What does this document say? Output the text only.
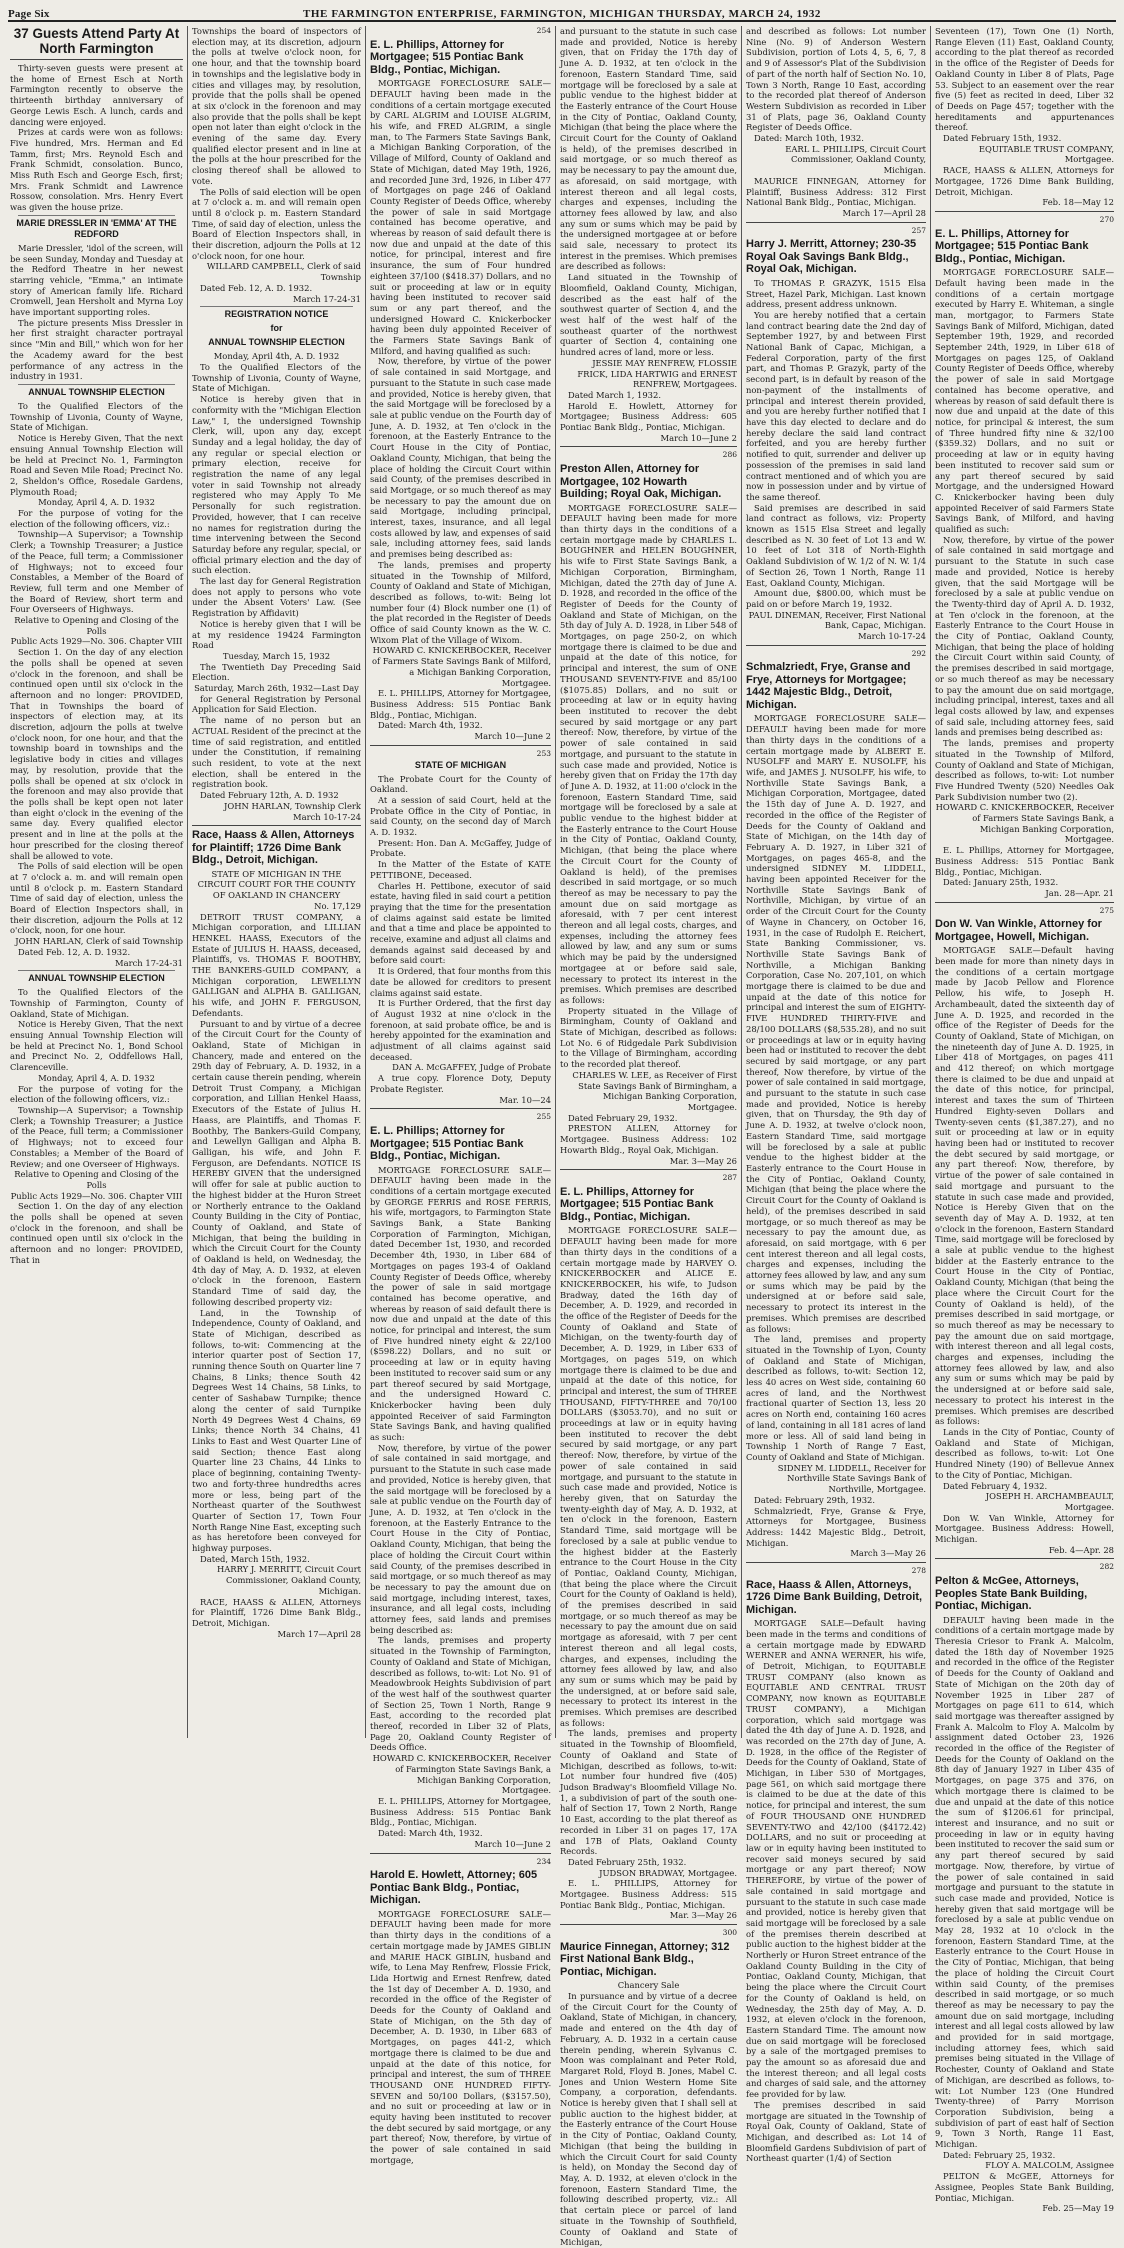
Page Six	THE FARMINGTON ENTERPRISE, FARMINGTON, MICHIGAN THURSDAY, MARCH 24, 1932
37 Guests Attend Party At North Farmington

Thirty-seven guests were present at the home of Ernest Esch at North Farmington recently to observe the thirteenth birthday anniversary of George Lewis Esch. A lunch, cards and dancing were enjoyed.

Prizes at cards were won as follows: Five hundred, Mrs. Herman and Ed Tamm, first; Mrs. Reynold Esch and Frank Schmidt, consolation. Bunco, Miss Ruth Esch and George Esch, first; Mrs. Frank Schmidt and Lawrence Rossow, consolation. Mrs. Henry Evert was given the house prize.

MARIE DRESSLER IN 'EMMA' AT THE REDFORD

Marie Dressler, 'idol of the screen, will be seen Sunday, Monday and Tuesday at the Redford Theatre in her newest starring vehicle, "Emma," an intimate story of American family life. Richard Cromwell, Jean Hersholt and Myrna Loy have important supporting roles.

The picture presents Miss Dressler in her first straight character portrayal since "Min and Bill," which won for her the Academy award for the best performance of any actress in the industry in 1931.

ANNUAL TOWNSHIP ELECTION

To the Qualified Electors of the Township of Livonia, County of Wayne, State of Michigan.

Notice is Hereby Given, That the next ensuing Annual Township Election will be held at Precinct No. 1, Farmington Road and Seven Mile Road; Precinct No. 2, Sheldon's Office, Rosedale Gardens, Plymouth Road;

Monday, April 4, A. D. 1932

For the purpose of voting for the election of the following officers, viz.:

Township—A Supervisor; a Township Clerk; a Township Treasurer; a Justice of the Peace, full term; a Commissioner of Highways; not to exceed four Constables, a Member of the Board of Review, full term and one Member of the Board of Review, short term and Four Overseers of Highways.

Relative to Opening and Closing of the Polls

Public Acts 1929—No. 306. Chapter VIII

Section 1. On the day of any election the polls shall be opened at seven o'clock in the forenoon, and shall be continued open until six o'clock in the afternoon and no longer: PROVIDED, That in Townships the board of inspectors of election may, at its discretion, adjourn the polls at twelve o'clock noon, for one hour, and that the township board in townships and the legislative body in cities and villages may, by resolution, provide that the polls shall be opened at six o'clock in the forenoon and may also provide that the polls shall be kept open not later than eight o'clock in the evening of the same day. Every qualified elector present and in line at the polls at the hour prescribed for the closing thereof shall be allowed to vote.

The Polls of said election will be open at 7 o'clock a. m. and will remain open until 8 o'clock p. m. Eastern Standard Time of said day of election, unless the Board of Election Inspectors shall, in their discretion, adjourn the Polls at 12 o'clock, noon, for one hour.

JOHN HARLAN, Clerk of said Township

Dated Feb. 12, A. D. 1932.

March 17-24-31

ANNUAL TOWNSHIP ELECTION

To the Qualified Electors of the Township of Farmington, County of Oakland, State of Michigan.

Notice is Hereby Given, That the next ensuing Annual Township Election will be held at Precinct No. 1, Bond School and Precinct No. 2, Oddfellows Hall, Clarenceville.

Monday, April 4, A. D. 1932

For the purpose of voting for the election of the following officers, viz.:

Township—A Supervisor; a Township Clerk; a Township Treasurer; a Justice of the Peace, full term; a Commissioner of Highways; not to exceed four Constables; a Member of the Board of Review; and one Overseer of Highways.

Relative to Opening and Closing of the Polls

Public Acts 1929—No. 306. Chapter VIII

Section 1. On the day of any election the polls shall be opened at seven o'clock in the forenoon, and shall be continued open until six o'clock in the afternoon and no longer: PROVIDED, That in

Townships the board of inspectors of election may, at its discretion, adjourn the polls at twelve o'clock noon, for one hour, and that the township board in townships and the legislative body in cities and villages may, by resolution, provide that the polls shall be opened at six o'clock in the forenoon and may also provide that the polls shall be kept open not later than eight o'clock in the evening of the same day. Every qualified elector present and in line at the polls at the hour prescribed for the closing thereof shall be allowed to vote.

The Polls of said election will be open at 7 o'clock a. m. and will remain open until 8 o'clock p. m. Eastern Standard Time, of said day of election, unless the Board of Election Inspectors shall, in their discretion, adjourn the Polls at 12 o'clock noon, for one hour.

WILLARD CAMPBELL, Clerk of said Township

Dated Feb. 12, A. D. 1932.

March 17-24-31

REGISTRATION NOTICE
for
ANNUAL TOWNSHIP ELECTION

Monday, April 4th, A. D. 1932

To the Qualified Electors of the Township of Livonia, County of Wayne, State of Michigan.

Notice is hereby given that in conformity with the "Michigan Election Law," I, the undersigned Township Clerk, will, upon any day, except Sunday and a legal holiday, the day of any regular or special election or primary election, receive for registration the name of any legal voter in said Township not already registered who may Apply To Me Personally for such registration. Provided, however, that I can receive no names for registration during the time intervening between the Second Saturday before any regular, special, or official primary election and the day of such election.

The last day for General Registration does not apply to persons who vote under the Absent Voters' Law. (See Registration by Affidavit)

Notice is hereby given that I will be at my residence 19424 Farmington Road

Tuesday, March 15, 1932

The Twentieth Day Preceding Said Election.

Saturday, March 26th, 1932—Last Day

for General Registration by Personal Application for Said Election.

The name of no person but an ACTUAL Resident of the precinct at the time of said registration, and entitled under the Constitution, if remaining such resident, to vote at the next election, shall be entered in the registration book.

Dated February 12th, A. D. 1932

JOHN HARLAN, Township Clerk

March 10-17-24

Race, Haass & Allen, Attorneys for Plaintiff; 1726 Dime Bank Bldg., Detroit, Michigan.

STATE OF MICHIGAN IN THE CIRCUIT COURT FOR THE COUNTY OF OAKLAND IN CHANCERY

No. 17,129

DETROIT TRUST COMPANY, a Michigan corporation, and LILLIAN HENKEL HAASS, Executors of the Estate of JULIUS H. HAASS, deceased, Plaintiffs, vs. THOMAS F. BOOTHBY, THE BANKERS-GUILD COMPANY, a Michigan corporation, LEWELLYN GALLIGAN and ALPHA B. GALLIGAN, his wife, and JOHN F. FERGUSON, Defendants.

Pursuant to and by virtue of a decree of the Circuit Court for the County of Oakland, State of Michigan in Chancery, made and entered on the 29th day of February, A. D. 1932, in a certain cause therein pending, wherein Detroit Trust Company, a Michigan corporation, and Lillian Henkel Haass, Executors of the Estate of Julius H. Haass, are Plaintiffs, and Thomas F. Boothby, The Bankers-Guild Company, and Lewellyn Galligan and Alpha B. Galligan, his wife, and John F. Ferguson, are Defendants. NOTICE IS HEREBY GIVEN that the undersigned will offer for sale at public auction to the highest bidder at the Huron Street or Northerly entrance to the Oakland County Building in the City of Pontiac, County of Oakland, and State of Michigan, that being the building in which the Circuit Court for the County of Oakland is held, on Wednesday, the 4th day of May, A. D. 1932, at eleven o'clock in the forenoon, Eastern Standard Time of said day, the following described property viz:

Land, in the Township of Independence, County of Oakland, and State of Michigan, described as follows, to-wit: Commencing at the interior quarter post of Section 17, running thence South on Quarter line 7 Chains, 8 Links; thence South 42 Degrees West 14 Chains, 58 Links, to center of Sashabaw Turnpike; thence along the center of said Turnpike North 49 Degrees West 4 Chains, 69 Links; thence North 34 Chains, 41 Links to East and West Quarter Line of said Section; thence East along Quarter line 23 Chains, 44 Links to place of beginning, containing Twenty-two and forty-three hundredths acres more or less, being part of the Northeast quarter of the Southwest Quarter of Section 17, Town Four North Range Nine East, excepting such as has heretofore been conveyed for highway purposes.

Dated, March 15th, 1932.

HARRY J. MERRITT, Circuit Court Commissioner, Oakland County, Michigan.

RACE, HAASS & ALLEN, Attorneys for Plaintiff, 1726 Dime Bank Bldg., Detroit, Michigan.

March 17—April 28

254

E. L. Phillips, Attorney for Mortgagee; 515 Pontiac Bank Bldg., Pontiac, Michigan.

MORTGAGE FORECLOSURE SALE—DEFAULT having been made in the conditions of a certain mortgage executed by CARL ALGRIM and LOUISE ALGRIM, his wife, and FRED ALGRIM, a single man, to The Farmers State Savings Bank, a Michigan Banking Corporation, of the Village of Milford, County of Oakland and State of Michigan, dated May 19th, 1926, and recorded June 3rd, 1926, in Liber 477 of Mortgages on page 246 of Oakland County Register of Deeds Office, whereby the power of sale in said Mortgage contained has become operative, and whereas by reason of said default there is now due and unpaid at the date of this notice, for principal, interest and fire insurance, the sum of Four hundred eighteen 37/100 ($418.37) Dollars, and no suit or proceeding at law or in equity having been instituted to recover said sum or any part thereof, and the undersigned Howard C. Knickerbocker having been duly appointed Receiver of the Farmers State Savings Bank of Milford, and having qualified as such:

Now, therefore, by virtue of the power of sale contained in said Mortgage, and pursuant to the Statute in such case made and provided, Notice is hereby given, that the said Mortgage will be foreclosed by a sale at public vendue on the Fourth day of June, A. D. 1932, at Ten o'clock in the forenoon, at the Easterly Entrance to the Court House in the City of Pontiac, Oakland County, Michigan, that being the place of holding the Circuit Court within said County, of the premises described in said Mortgage, or so much thereof as may be necessary to pay the amount due on said Mortgage, including principal, interest, taxes, insurance, and all legal costs allowed by law, and expenses of said sale, including attorney fees, said lands and premises being described as:

The lands, premises and property situated in the Township of Milford, County of Oakland and State of Michigan, described as follows, to-wit: Being lot number four (4) Block number one (1) of the plat recorded in the Register of Deeds Office of said County known as the W. C. Wixom Plat of the Village of Wixom.

HOWARD C. KNICKERBOCKER, Receiver of Farmers State Savings Bank of Milford, a Michigan Banking Corporation, Mortgagee.

E. L. PHILLIPS, Attorney for Mortgagee, Business Address: 515 Pontiac Bank Bldg., Pontiac, Michigan.

Dated: March 4th, 1932.

March 10—June 2

253

STATE OF MICHIGAN

The Probate Court for the County of Oakland.

At a session of said Court, held at the Probate Office in the City of Pontiac, in said County, on the second day of March A. D. 1932.

Present: Hon. Dan A. McGaffey, Judge of Probate.

In the Matter of the Estate of KATE PETTIBONE, Deceased.

Charles H. Pettibone, executor of said estate, having filed in said court a petition praying that the time for the presentation of claims against said estate be limited and that a time and place be appointed to receive, examine and adjust all claims and demands against said deceased by and before said court:

It is Ordered, that four months from this date be allowed for creditors to present claims against said estate.

It is Further Ordered, that the first day of August 1932 at nine o'clock in the forenoon, at said probate office, be and is hereby appointed for the examination and adjustment of all claims against said deceased.

DAN A. McGAFFEY, Judge of Probate

A true copy. Florence Doty, Deputy Probate Register.

Mar. 10—24

255

E. L. Phillips; Attorney for Mortgagee; 515 Pontiac Bank Bldg., Pontiac, Michigan.

MORTGAGE FORECLOSURE SALE—DEFAULT having been made in the conditions of a certain mortgage executed by GEORGE FERRIS and ROSE FERRIS, his wife, mortgagors, to Farmington State Savings Bank, a State Banking Corporation of Farmington, Michigan, dated December 1st, 1930, and recorded December 4th, 1930, in Liber 684 of Mortgages on pages 193-4 of Oakland County Register of Deeds Office, whereby the power of sale in said mortgage contained has become operative, and whereas by reason of said default there is now due and unpaid at the date of this notice, for principal and interest, the sum of Five hundred ninety eight & 22/100 ($598.22) Dollars, and no suit or proceeding at law or in equity having been instituted to recover said sum or any part thereof secured by said Mortgage, and the undersigned Howard C. Knickerbocker having been duly appointed Receiver of said Farmington State Savings Bank, and having qualified as such:

Now, therefore, by virtue of the power of sale contained in said mortgage, and pursuant to the Statute in such case made and provided, Notice is hereby given, that the said mortgage will be foreclosed by a sale at public vendue on the Fourth day of June, A. D. 1932, at Ten o'clock in the forenoon, at the Easterly Entrance to the Court House in the City of Pontiac, Oakland County, Michigan, that being the place of holding the Circuit Court within said County, of the premises described in said mortgage, or so much thereof as may be necessary to pay the amount due on said mortgage, including interest, taxes, insurance, and all legal costs, including attorney fees, said lands and premises being described as:

The lands, premises and property situated in the Township of Farmington, County of Oakland and State of Michigan, described as follows, to-wit: Lot No. 91 of Meadowbrook Heights Subdivision of part of the west half of the southwest quarter of Section 25, Town 1 North, Range 9 East, according to the recorded plat thereof, recorded in Liber 32 of Plats, Page 20, Oakland County Register of Deeds Office.

HOWARD C. KNICKERBOCKER, Receiver of Farmington State Savings Bank, a Michigan Banking Corporation, Mortgagee.

E. L. PHILLIPS, Attorney for Mortgagee, Business Address: 515 Pontiac Bank Bldg., Pontiac, Michigan.

Dated: March 4th, 1932.

March 10—June 2

234

Harold E. Howlett, Attorney; 605 Pontiac Bank Bldg., Pontiac, Michigan.

MORTGAGE FORECLOSURE SALE—DEFAULT having been made for more than thirty days in the conditions of a certain mortgage made by JAMES GIBLIN and MARIE HACK GIBLIN, husband and wife, to Lena May Renfrew, Flossie Frick, Lida Hortwig and Ernest Renfrew, dated the 1st day of December A. D. 1930, and recorded in the office of the Register of Deeds for the County of Oakland and State of Michigan, on the 5th day of December, A. D. 1930, in Liber 683 of Mortgages, on pages 441-2, which mortgage there is claimed to be due and unpaid at the date of this notice, for principal and interest, the sum of THREE THOUSAND ONE HUNDRED FIFTY-SEVEN and 50/100 Dollars, ($3157.50), and no suit or proceeding at law or in equity having been instituted to recover the debt secured by said mortgage, or any part thereof; Now, therefore, by virtue of the power of sale contained in said mortgage,

and pursuant to the statute in such case made and provided, Notice is hereby given, that on Friday the 17th day of June A. D. 1932, at ten o'clock in the forenoon, Eastern Standard Time, said mortgage will be foreclosed by a sale at public vendue to the highest bidder at the Easterly entrance of the Court House in the City of Pontiac, Oakland County, Michigan (that being the place where the Circuit Court for the County of Oakland is held), of the premises described in said mortgage, or so much thereof as may be necessary to pay the amount due, as aforesaid, on said mortgage, with interest thereon and all legal costs, charges and expenses, including the attorney fees allowed by law, and also any sum or sums which may be paid by the undersigned mortgagee at or before said sale, necessary to protect its interest in the premises. Which premises are described as follows:

Land situated in the Township of Bloomfield, Oakland County, Michigan, described as the east half of the southwest quarter of Section 4, and the west half of the west half of the southeast quarter of the northwest quarter of Section 4, containing one hundred acres of land, more or less.

JESSIE MAY RENFREW, FLOSSIE FRICK, LIDA HARTWIG and ERNEST RENFREW, Mortgagees.

Dated March 1, 1932.

Harold E. Howlett, Attorney for Mortgagee; Business Address: 605 Pontiac Bank Bldg., Pontiac, Michigan.

March 10—June 2

286

Preston Allen, Attorney for Mortgagee, 102 Howarth Building; Royal Oak, Michigan.

MORTGAGE FORECLOSURE SALE—DEFAULT having been made for more than thirty days in the conditions of a certain mortgage made by CHARLES L. BOUGHNER and HELEN BOUGHNER, his wife to First State Savings Bank, a Michigan Corporation, Birmingham, Michigan, dated the 27th day of June A. D. 1928, and recorded in the office of the Register of Deeds for the County of Oakland and State of Michigan, on the 5th day of July A. D. 1928, in Liber 548 of Mortgages, on page 250-2, on which mortgage there is claimed to be due and unpaid at the date of this notice, for principal and interest, the sum of ONE THOUSAND SEVENTY-FIVE and 85/100 ($1075.85) Dollars, and no suit or proceeding at law or in equity having been instituted to recover the debt secured by said mortgage or any part thereof: Now, therefore, by virtue of the power of sale contained in said mortgage, and pursuant to the statute in such case made and provided, Notice is hereby given that on Friday the 17th day of June A. D. 1932, at 11:00 o'clock in the forenoon, Eastern Standard Time, said mortgage will be foreclosed by a sale at public vendue to the highest bidder at the Easterly entrance to the Court House in the City of Pontiac, Oakland County, Michigan, (that being the place where the Circuit Court for the County of Oakland is held), of the premises described in said mortgage, or so much thereof as may be necessary to pay the amount due on said mortgage as aforesaid, with 7 per cent interest thereon and all legal costs, charges, and expenses, including the attorney fees allowed by law, and any sum or sums which may be paid by the undersigned mortgagee at or before said sale, necessary to protect its interest in the premises. Which premises are described as follows:

Property situated in the Village of Birmingham, County of Oakland and State of Michigan, described as follows: Lot No. 6 of Ridgedale Park Subdivision to the Village of Birmingham, according to the recorded plat thereof.

CHARLES W. LEE, as Receiver of First State Savings Bank of Birmingham, a Michigan Banking Corporation, Mortgagee.

Dated February 29, 1932.

PRESTON ALLEN, Attorney for Mortgagee. Business Address: 102 Howarth Bldg., Royal Oak, Michigan.

Mar. 3—May 26

287

E. L. Phillips, Attorney for Mortgagee; 515 Pontiac Bank Bldg., Pontiac, Michigan.

MORTGAGE FORECLOSURE SALE—DEFAULT having been made for more than thirty days in the conditions of a certain mortgage made by HARVEY O. KNICKERBOCKER and ALICE E. KNICKERBOCKER, his wife, to Judson Bradway, dated the 16th day of December, A. D. 1929, and recorded in the office of the Register of Deeds for the County of Oakland and State of Michigan, on the twenty-fourth day of December, A. D. 1929, in Liber 633 of Mortgages, on pages 519, on which mortgage there is claimed to be due and unpaid at the date of this notice, for principal and interest, the sum of THREE THOUSAND, FIFTY-THREE and 70/100 DOLLARS ($3053.70), and no suit or proceedings at law or in equity having been instituted to recover the debt secured by said mortgage, or any part thereof: Now, therefore, by virtue of the power of sale contained in said mortgage, and pursuant to the statute in such case made and provided, Notice is hereby given, that on Saturday the twenty-eighth day of May, A. D. 1932, at ten o'clock in the forenoon, Eastern Standard Time, said mortgage will be foreclosed by a sale at public vendue to the highest bidder at the Easterly entrance to the Court House in the City of Pontiac, Oakland County, Michigan, (that being the place where the Circuit Court for the County of Oakland is held), of the premises described in said mortgage, or so much thereof as may be necessary to pay the amount due on said mortgage as aforesaid, with 7 per cent interest thereon and all legal costs, charges, and expenses, including the attorney fees allowed by law, and also any sum or sums which may be paid by the undersigned, at or before said sale, necessary to protect its interest in the premises. Which premises are described as follows:

The lands, premises and property situated in the Township of Bloomfield, County of Oakland and State of Michigan, described as follows, to-wit: Lot number four hundred five (405) Judson Bradway's Bloomfield Village No. 1, a subdivision of part of the south one-half of Section 17, Town 2 North, Range 10 East, according to the plat thereof as recorded in Liber 31 on pages 17, 17A and 17B of Plats, Oakland County Records.

Dated February 25th, 1932.

JUDSON BRADWAY, Mortgagee.

E. L. PHILLIPS, Attorney for Mortgagee. Business Address: 515 Pontiac Bank Bldg., Pontiac, Michigan.

Mar. 3—May 26

300

Maurice Finnegan, Attorney; 312 First National Bank Bldg., Pontiac, Michigan.

Chancery Sale

In pursuance and by virtue of a decree of the Circuit Court for the County of Oakland, State of Michigan, in chancery, made and entered on the 4th day of February, A. D. 1932 in a certain cause therein pending, wherein Sylvanus C. Moon was complainant and Peter Rold, Margaret Rold, Floyd B. Jones, Mabel C. Jones and Union Western Home Site Company, a corporation, defendants. Notice is hereby given that I shall sell at public auction to the highest bidder, at the Easterly entrance of the Court House in the City of Pontiac, Oakland County, Michigan (that being the building in which the Circuit Court for said County is held), on Monday the Second day of May, A. D. 1932, at eleven o'clock in the forenoon, Eastern Standard Time, the following described property, viz.: All that certain piece or parcel of land situate in the Township of Southfield, County of Oakland and State of Michigan,

and described as follows: Lot number Nine (No. 9) of Anderson Western Subdivision, portion of Lots 4, 5, 6, 7, 8 and 9 of Assessor's Plat of the Subdivision of part of the north half of Section No. 10, Town 3 North, Range 10 East, according to the recorded plat thereof of Anderson Western Subdivision as recorded in Liber 31 of Plats, page 36, Oakland County Register of Deeds Office.

Dated: March 10th, 1932.

EARL L. PHILLIPS, Circuit Court Commissioner, Oakland County, Michigan.

MAURICE FINNEGAN, Attorney for Plaintiff, Business Address: 312 First National Bank Bldg., Pontiac, Michigan.

March 17—April 28

257

Harry J. Merritt, Attorney; 230-35 Royal Oak Savings Bank Bldg., Royal Oak, Michigan.

To THOMAS P. GRAZYK, 1515 Elsa Street, Hazel Park, Michigan. Last known address, present address unknown.

You are hereby notified that a certain land contract bearing date the 2nd day of September 1927, by and between First National Bank of Capac, Michigan, a Federal Corporation, party of the first part, and Thomas P. Grazyk, party of the second part, is in default by reason of the non-payment of the installments of principal and interest therein provided, and you are hereby further notified that I have this day elected to declare and do hereby declare the said land contract forfeited, and you are hereby further notified to quit, surrender and deliver up possession of the premises in said land contract mentioned and of which you are now in possession under and by virtue of the same thereof.

Said premises are described in said land contract as follows, viz: Property known as 1515 Elsa Street and legally described as N. 30 feet of Lot 13 and W. 10 feet of Lot 318 of North-Eighth Oakland Subdivision of W. 1/2 of N. W. 1/4 of Section 26, Town 1 North, Range 11 East, Oakland County, Michigan.

Amount due, $800.00, which must be paid on or before March 19, 1932.

PAUL DINEMAN, Receiver, First National Bank, Capac, Michigan.

March 10-17-24

292

Schmalzriedt, Frye, Granse and Frye, Attorneys for Mortgagee; 1442 Majestic Bldg., Detroit, Michigan.

MORTGAGE FORECLOSURE SALE—DEFAULT having been made for more than thirty days in the conditions of a certain mortgage made by ALBERT E. NUSOLFF and MARY E. NUSOLFF, his wife, and JAMES J. NUSOLFF, his wife, to Northville State Savings Bank, a Michigan Corporation, Mortgagee, dated the 15th day of June A. D. 1927, and recorded in the office of the Register of Deeds for the County of Oakland and State of Michigan, on the 14th day of February A. D. 1927, in Liber 321 of Mortgages, on pages 465-8, and the undersigned SIDNEY M. LIDDELL, having been appointed Receiver for the Northville State Savings Bank of Northville, Michigan, by virtue of an order of the Circuit Court for the County of Wayne in Chancery, on October 16, 1931, in the case of Rudolph E. Reichert, State Banking Commissioner, vs. Northville State Savings Bank of Northville, a Michigan Banking Corporation, Case No. 207,101, on which mortgage there is claimed to be due and unpaid at the date of this notice for principal and interest the sum of EIGHTY-FIVE HUNDRED THIRTY-FIVE and 28/100 DOLLARS ($8,535.28), and no suit or proceedings at law or in equity having been had or instituted to recover the debt secured by said mortgage, or any part thereof, Now therefore, by virtue of the power of sale contained in said mortgage, and pursuant to the statute in such case made and provided, Notice is hereby given, that on Thursday, the 9th day of June A. D. 1932, at twelve o'clock noon, Eastern Standard Time, said mortgage will be foreclosed by a sale at public vendue to the highest bidder at the Easterly entrance to the Court House in the City of Pontiac, Oakland County, Michigan (that being the place where the Circuit Court for the County of Oakland is held), of the premises described in said mortgage, or so much thereof as may be necessary to pay the amount due, as aforesaid, on said mortgage, with 6 per cent interest thereon and all legal costs, charges and expenses, including the attorney fees allowed by law, and any sum or sums which may be paid by the undersigned at or before said sale, necessary to protect its interest in the premises. Which premises are described as follows:

The land, premises and property situated in the Township of Lyon, County of Oakland and State of Michigan, described as follows, to-wit: Section 12, less 40 acres on West side, containing 60 acres of land, and the Northwest fractional quarter of Section 13, less 20 acres on North end, containing 160 acres of land, containing in all 181 acres of land more or less. All of said land being in Township 1 North of Range 7 East, County of Oakland and State of Michigan.

SIDNEY M. LIDDELL, Receiver for Northville State Savings Bank of Northville, Mortgagee.

Dated: February 29th, 1932.

Schmalzriedt, Frye, Granse & Frye, Attorneys for Mortgagee, Business Address: 1442 Majestic Bldg., Detroit, Michigan.

March 3—May 26

278

Race, Haass & Allen, Attorneys, 1726 Dime Bank Building, Detroit, Michigan.

MORTGAGE SALE—Default having been made in the terms and conditions of a certain mortgage made by EDWARD WERNER and ANNA WERNER, his wife, of Detroit, Michigan, to EQUITABLE TRUST COMPANY (also known as EQUITABLE AND CENTRAL TRUST COMPANY, now known as EQUITABLE TRUST COMPANY), a Michigan corporation, which said mortgage was dated the 4th day of June A. D. 1928, and was recorded on the 27th day of June, A. D. 1928, in the office of the Register of Deeds for the County of Oakland, State of Michigan, in Liber 530 of Mortgages, page 561, on which said mortgage there is claimed to be due at the date of this notice, for principal and interest, the sum of FOUR THOUSAND ONE HUNDRED SEVENTY-TWO and 42/100 ($4172.42) DOLLARS, and no suit or proceeding at law or in equity having been instituted to recover said moneys secured by said mortgage or any part thereof; NOW THEREFORE, by virtue of the power of sale contained in said mortgage and pursuant to the statute in such case made and provided, notice is hereby given that said mortgage will be foreclosed by a sale of the premises therein described at public auction to the highest bidder at the Northerly or Huron Street entrance of the Oakland County Building in the City of Pontiac, Oakland County, Michigan, that being the place where the Circuit Court for the County of Oakland is held, on Wednesday, the 25th day of May, A. D. 1932, at eleven o'clock in the forenoon, Eastern Standard Time. The amount now due on said mortgage will be foreclosed by a sale of the mortgaged premises to pay the amount so as aforesaid due and the interest thereon; and all legal costs and charges of said sale, and the attorney fee provided for by law.

The premises described in said mortgage are situated in the Township of Royal Oak, County of Oakland, State of Michigan, and described as: Lot 14 of Bloomfield Gardens Subdivision of part of Northeast quarter (1/4) of Section

Seventeen (17), Town One (1) North, Range Eleven (11) East, Oakland County, according to the plat thereof as recorded in the office of the Register of Deeds for Oakland County in Liber 8 of Plats, Page 53. Subject to an easement over the rear five (5) feet as recited in deed, Liber 32 of Deeds on Page 457; together with the hereditaments and appurtenances thereof.

Dated February 15th, 1932.

EQUITABLE TRUST COMPANY, Mortgagee.

RACE, HAASS & ALLEN, Attorneys for Mortgagee, 1726 Dime Bank Building, Detroit, Michigan.

Feb. 18—May 12

270

E. L. Phillips, Attorney for Mortgagee; 515 Pontiac Bank Bldg., Pontiac, Michigan.

MORTGAGE FORECLOSURE SALE—Default having been made in the conditions of a certain mortgage executed by Harry E. Whiteman, a single man, mortgagor, to Farmers State Savings Bank of Milford, Michigan, dated September 19th, 1929, and recorded September 24th, 1929, in Liber 618 of Mortgages on pages 125, of Oakland County Register of Deeds Office, whereby the power of sale in said Mortgage contained has become operative, and whereas by reason of said default there is now due and unpaid at the date of this notice, for principal & interest, the sum of Three hundred fifty nine & 32/100 ($359.32) Dollars, and no suit or proceeding at law or in equity having been instituted to recover said sum or any part thereof secured by said Mortgage, and the undersigned Howard C. Knickerbocker having been duly appointed Receiver of said Farmers State Savings Bank, of Milford, and having qualified as such:

Now, therefore, by virtue of the power of sale contained in said mortgage and pursuant to the Statute in such case made and provided, Notice is hereby given, that the said Mortgage will be foreclosed by a sale at public vendue on the Twenty-third day of April A. D. 1932, at Ten o'clock in the forenoon, at the Easterly Entrance to the Court House in the City of Pontiac, Oakland County, Michigan, that being the place of holding the Circuit Court within said County, of the premises described in said mortgage, or so much thereof as may be necessary to pay the amount due on said mortgage, including principal, interest, taxes and all legal costs allowed by law, and expenses of said sale, including attorney fees, said lands and premises being described as:

The lands, premises and property situated in the Township of Milford, County of Oakland and State of Michigan, described as follows, to-wit: Lot number Five Hundred Twenty (520) Needles Oak Park Subdivision number two (2).

HOWARD C. KNICKERBOCKER, Receiver of Farmers State Savings Bank, a Michigan Banking Corporation, Mortgagee.

E. L. Phillips, Attorney for Mortgagee, Business Address: 515 Pontiac Bank Bldg., Pontiac, Michigan.

Dated: January 25th, 1932.

Jan. 28—Apr. 21

275

Don W. Van Winkle, Attorney for Mortgagee, Howell, Michigan.

MORTGAGE SALE—Default having been made for more than ninety days in the conditions of a certain mortgage made by Jacob Pellow and Florence Pellow, his wife, to Joseph H. Archambeault, dated the sixteenth day of June A. D. 1925, and recorded in the office of the Register of Deeds for the County of Oakland, State of Michigan, on the nineteenth day of June A. D. 1925, in Liber 418 of Mortgages, on pages 411 and 412 thereof; on which mortgage there is claimed to be due and unpaid at the date of this notice, for principal, interest and taxes the sum of Thirteen Hundred Eighty-seven Dollars and Twenty-seven cents ($1,387.27), and no suit or proceeding at law or in equity having been had or instituted to recover the debt secured by said mortgage, or any part thereof: Now, therefore, by virtue of the power of sale contained in said mortgage and pursuant to the statute in such case made and provided, Notice is Hereby Given that on the seventh day of May A. D. 1932, at ten o'clock in the forenoon, Eastern Standard Time, said mortgage will be foreclosed by a sale at public vendue to the highest bidder at the Easterly entrance to the Court House in the City of Pontiac, Oakland County, Michigan (that being the place where the Circuit Court for the County of Oakland is held), of the premises described in said mortgage, or so much thereof as may be necessary to pay the amount due on said mortgage, with interest thereon and all legal costs, charges and expenses, including the attorney fees allowed by law, and also any sum or sums which may be paid by the undersigned at or before said sale, necessary to protect his interest in the premises. Which premises are described as follows:

Lands in the City of Pontiac, County of Oakland and State of Michigan, described as follows, to-wit: Lot One Hundred Ninety (190) of Bellevue Annex to the City of Pontiac, Michigan.

Dated February 4, 1932.

JOSEPH H. ARCHAMBEAULT, Mortgagee.

Don W. Van Winkle, Attorney for Mortgagee. Business Address: Howell, Michigan.

Feb. 4—Apr. 28

282

Pelton & McGee, Attorneys, Peoples State Bank Building, Pontiac, Michigan.

DEFAULT having been made in the conditions of a certain mortgage made by Theresia Criesor to Frank A. Malcolm, dated the 18th day of November 1925 and recorded in the office of the Register of Deeds for the County of Oakland and State of Michigan on the 20th day of November 1925 in Liber 287 of Mortgages on page 611 to 614, which said mortgage was thereafter assigned by Frank A. Malcolm to Floy A. Malcolm by assignment dated October 23, 1926 recorded in the office of the Register of Deeds for the County of Oakland on the 8th day of January 1927 in Liber 435 of Mortgages, on page 375 and 376, on which mortgage there is claimed to be due and unpaid at the date of this notice the sum of $1206.61 for principal, interest and insurance, and no suit or proceeding in law or in equity having been instituted to recover the said sum or any part thereof secured by said mortgage. Now, therefore, by virtue of the power of sale contained in said mortgage and pursuant to the statute in such case made and provided, Notice is hereby given that said mortgage will be foreclosed by a sale at public vendue on May 28, 1932 at 10 o'clock in the forenoon, Eastern Standard Time, at the Easterly entrance to the Court House in the City of Pontiac, Michigan, that being the place of holding the Circuit Court within said County, of the premises described in said mortgage, or so much thereof as may be necessary to pay the amount due on said mortgage, including interest and all legal costs allowed by law and provided for in said mortgage, including attorney fees, which said premises being situated in the Village of Rochester, County of Oakland and State of Michigan, are described as follows, to-wit: Lot Number 123 (One Hundred Twenty-three) of Parry Morrison Corporation Subdivision, being a subdivision of part of east half of Section 9, Town 3 North, Range 11 East, Michigan.

Dated: February 25, 1932.

FLOY A. MALCOLM, Assignee

PELTON & McGEE, Attorneys for Assignee, Peoples State Bank Building, Pontiac, Michigan.

Feb. 25—May 19
